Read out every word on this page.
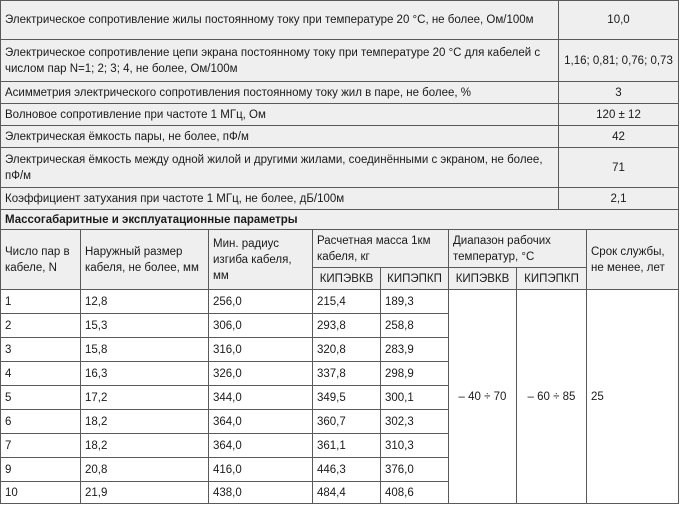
Электрическое сопротивление жилы постоянному току при температуре 20 °С, не более, Ом/100м	10,0
Электрическое сопротивление цепи экрана постоянному току при температуре 20 °С для кабелей с числом пар N=1; 2; 3; 4, не более, Ом/100м	1,16; 0,81; 0,76; 0,73
Асимметрия электрического сопротивления постоянному току жил в паре, не более, %	3
Волновое сопротивление при частоте 1 МГц, Ом	120 ± 12
Электрическая ёмкость пары, не более, пФ/м	42
Электрическая ёмкость между одной жилой и другими жилами, соединёнными с экраном, не более, пФ/м	71
Коэффициент затухания при частоте 1 МГц, не более, дБ/100м	2,1
Массогабаритные и эксплуатационные параметры							
Число пар в кабеле, N	Наружный размер кабеля, не более, мм	Мин. радиус изгиба кабеля, мм	Расчетная масса 1км кабеля, кг		Диапазон рабочих температур, °С		Срок службы, не менее, лет
			КИПЭВКВ	КИПЭПКП	КИПЭВКВ	КИПЭПКП	
1	12,8	256,0	215,4	189,3	– 40 ÷ 70	– 60 ÷ 85	25
2	15,3	306,0	293,8	258,8			
3	15,8	316,0	320,8	283,9			
4	16,3	326,0	337,8	298,9			
5	17,2	344,0	349,5	300,1			
6	18,2	364,0	360,7	302,3			
7	18,2	364,0	361,1	310,3			
9	20,8	416,0	446,3	376,0			
10	21,9	438,0	484,4	408,6			
